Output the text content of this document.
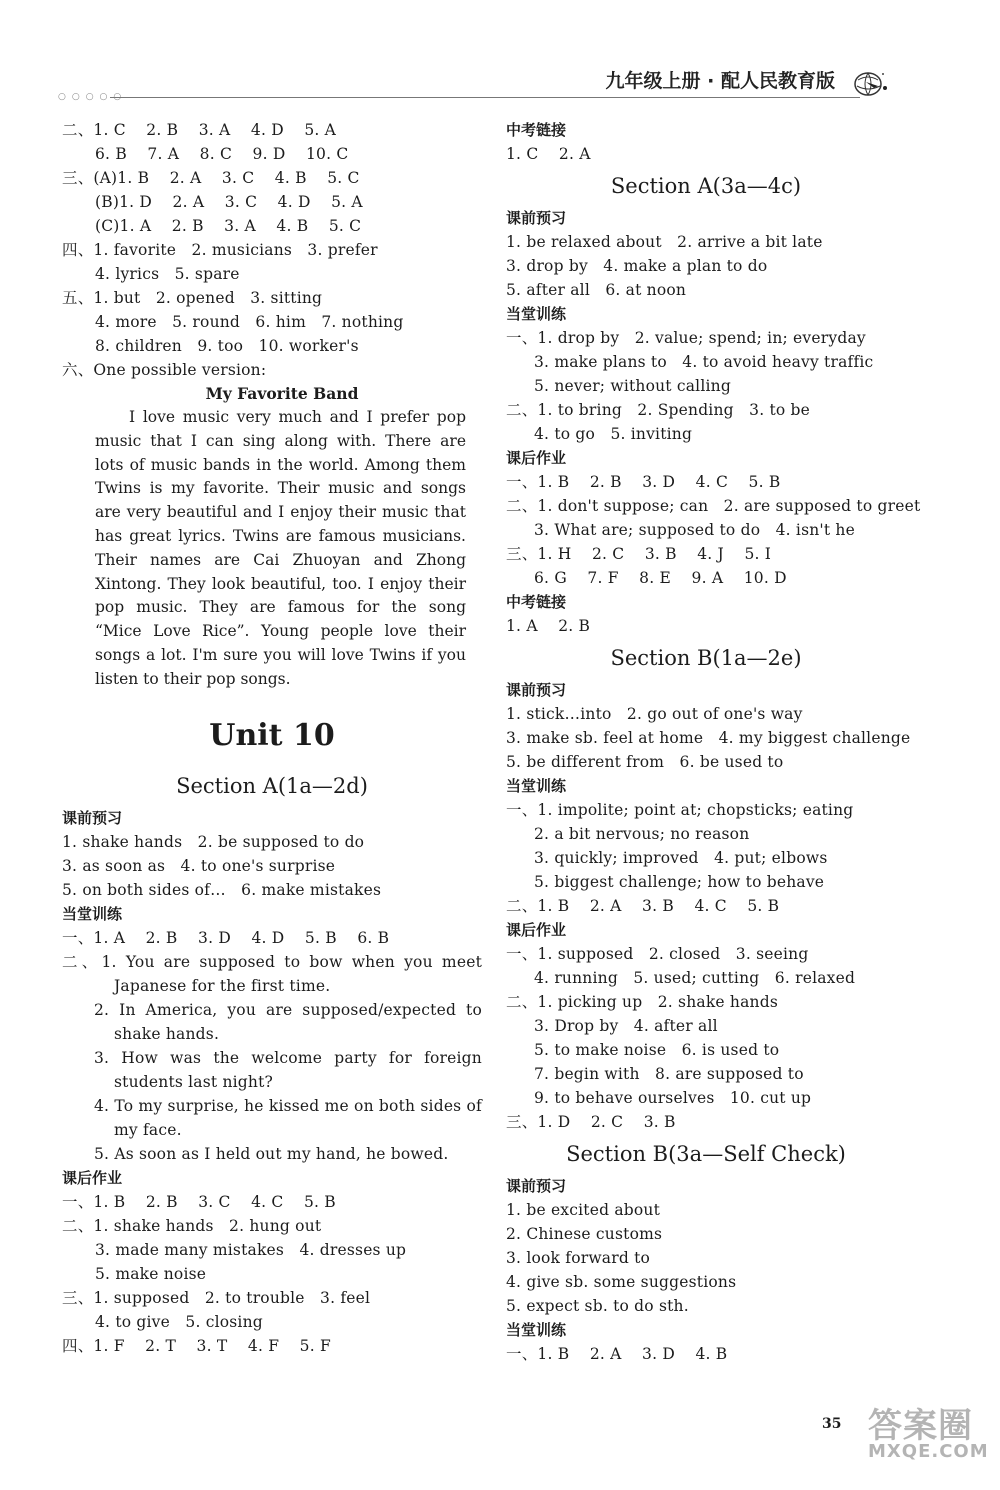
○○○○○
九年级上册 · 配人民教育版
二、1. C    2. B    3. A    4. D    5. A
6. B    7. A    8. C    9. D    10. C
三、(A)1. B    2. A    3. C    4. B    5. C
(B)1. D    2. A    3. C    4. D    5. A
(C)1. A    2. B    3. A    4. B    5. C
四、1. favorite   2. musicians   3. prefer
4. lyrics   5. spare
五、1. but   2. opened   3. sitting
4. more   5. round   6. him   7. nothing
8. children   9. too   10. worker's
六、One possible version:
My Favorite Band
I love music very much and I prefer pop music that I can sing along with. There are lots of music bands in the world. Among them Twins is my favorite. Their music and songs are very beautiful and I enjoy their music that has great lyrics. Twins are famous musicians. Their names are Cai Zhuoyan and Zhong Xintong. They look beautiful, too. I enjoy their pop music. They are famous for the song “Mice Love Rice”. Young people love their songs a lot. I'm sure you will love Twins if you listen to their pop songs.
Unit 10
Section A(1a—2d)
课前预习
1. shake hands   2. be supposed to do
3. as soon as   4. to one's surprise
5. on both sides of…   6. make mistakes
当堂训练
一、1. A    2. B    3. D    4. D    5. B    6. B
二、1. You are supposed to bow when you meet Japanese for the first time.
2. In America, you are supposed/expected to shake hands.
3. How was the welcome party for foreign students last night?
4. To my surprise, he kissed me on both sides of my face.
5. As soon as I held out my hand, he bowed.
课后作业
一、1. B    2. B    3. C    4. C    5. B
二、1. shake hands   2. hung out
3. made many mistakes   4. dresses up
5. make noise
三、1. supposed   2. to trouble   3. feel
4. to give   5. closing
四、1. F    2. T    3. T    4. F    5. F
中考链接
1. C    2. A
Section A(3a—4c)
课前预习
1. be relaxed about   2. arrive a bit late
3. drop by   4. make a plan to do
5. after all   6. at noon
当堂训练
一、1. drop by   2. value; spend; in; everyday
3. make plans to   4. to avoid heavy traffic
5. never; without calling
二、1. to bring   2. Spending   3. to be
4. to go   5. inviting
课后作业
一、1. B    2. B    3. D    4. C    5. B
二、1. don't suppose; can   2. are supposed to greet
3. What are; supposed to do   4. isn't he
三、1. H    2. C    3. B    4. J    5. I
6. G    7. F    8. E    9. A    10. D
中考链接
1. A    2. B
Section B(1a—2e)
课前预习
1. stick…into   2. go out of one's way
3. make sb. feel at home   4. my biggest challenge
5. be different from   6. be used to
当堂训练
一、1. impolite; point at; chopsticks; eating
2. a bit nervous; no reason
3. quickly; improved   4. put; elbows
5. biggest challenge; how to behave
二、1. B    2. A    3. B    4. C    5. B
课后作业
一、1. supposed   2. closed   3. seeing
4. running   5. used; cutting   6. relaxed
二、1. picking up   2. shake hands
3. Drop by   4. after all
5. to make noise   6. is used to
7. begin with   8. are supposed to
9. to behave ourselves   10. cut up
三、1. D    2. C    3. B
Section B(3a—Self Check)
课前预习
1. be excited about
2. Chinese customs
3. look forward to
4. give sb. some suggestions
5. expect sb. to do sth.
当堂训练
一、1. B    2. A    3. D    4. B
35 答案圈
MXQE.COM
